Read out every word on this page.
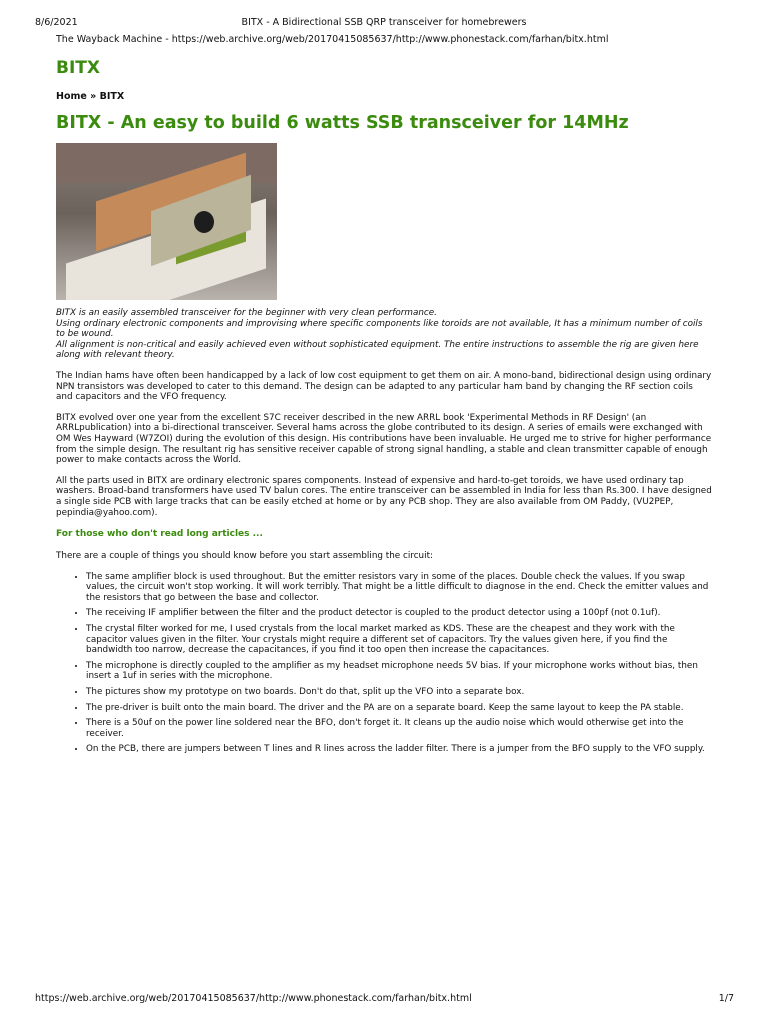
8/6/2021	BITX - A Bidirectional SSB QRP transceiver for homebrewers
The Wayback Machine - https://web.archive.org/web/20170415085637/http://www.phonestack.com/farhan/bitx.html
BITX
Home » BITX
BITX - An easy to build 6 watts SSB transceiver for 14MHz

BITX is an easily assembled transceiver for the beginner with very clean performance.

Using ordinary electronic components and improvising where specific components like toroids are not available, It has a minimum number of coils to be wound.

All alignment is non-critical and easily achieved even without sophisticated equipment. The entire instructions to assemble the rig are given here along with relevant theory.

The Indian hams have often been handicapped by a lack of low cost equipment to get them on air. A mono-band, bidirectional design using ordinary NPN transistors was developed to cater to this demand. The design can be adapted to any particular ham band by changing the RF section coils and capacitors and the VFO frequency.

BITX evolved over one year from the excellent S7C receiver described in the new ARRL book 'Experimental Methods in RF Design' (an ARRLpublication) into a bi-directional transceiver. Several hams across the globe contributed to its design. A series of emails were exchanged with OM Wes Hayward (W7ZOI) during the evolution of this design. His contributions have been invaluable. He urged me to strive for higher performance from the simple design. The resultant rig has sensitive receiver capable of strong signal handling, a stable and clean transmitter capable of enough power to make contacts across the World.

All the parts used in BITX are ordinary electronic spares components. Instead of expensive and hard-to-get toroids, we have used ordinary tap washers. Broad-band transformers have used TV balun cores. The entire transceiver can be assembled in India for less than Rs.300. I have designed a single side PCB with large tracks that can be easily etched at home or by any PCB shop. They are also available from OM Paddy, (VU2PEP, pepindia@yahoo.com).

For those who don't read long articles ...

There are a couple of things you should know before you start assembling the circuit:

• The same amplifier block is used throughout. But the emitter resistors vary in some of the places. Double check the values. If you swap values, the circuit won't stop working. It will work terribly. That might be a little difficult to diagnose in the end. Check the emitter values and the resistors that go between the base and collector.
• The receiving IF amplifier between the filter and the product detector is coupled to the product detector using a 100pf (not 0.1uf).
• The crystal filter worked for me, I used crystals from the local market marked as KDS. These are the cheapest and they work with the capacitor values given in the filter. Your crystals might require a different set of capacitors. Try the values given here, if you find the bandwidth too narrow, decrease the capacitances, if you find it too open then increase the capacitances.
• The microphone is directly coupled to the amplifier as my headset microphone needs 5V bias. If your microphone works without bias, then insert a 1uf in series with the microphone.
• The pictures show my prototype on two boards. Don't do that, split up the VFO into a separate box.
• The pre-driver is built onto the main board. The driver and the PA are on a separate board. Keep the same layout to keep the PA stable.
• There is a 50uf on the power line soldered near the BFO, don't forget it. It cleans up the audio noise which would otherwise get into the receiver.
• On the PCB, there are jumpers between T lines and R lines across the ladder filter. There is a jumper from the BFO supply to the VFO supply.
https://web.archive.org/web/20170415085637/http://www.phonestack.com/farhan/bitx.html	1/7
